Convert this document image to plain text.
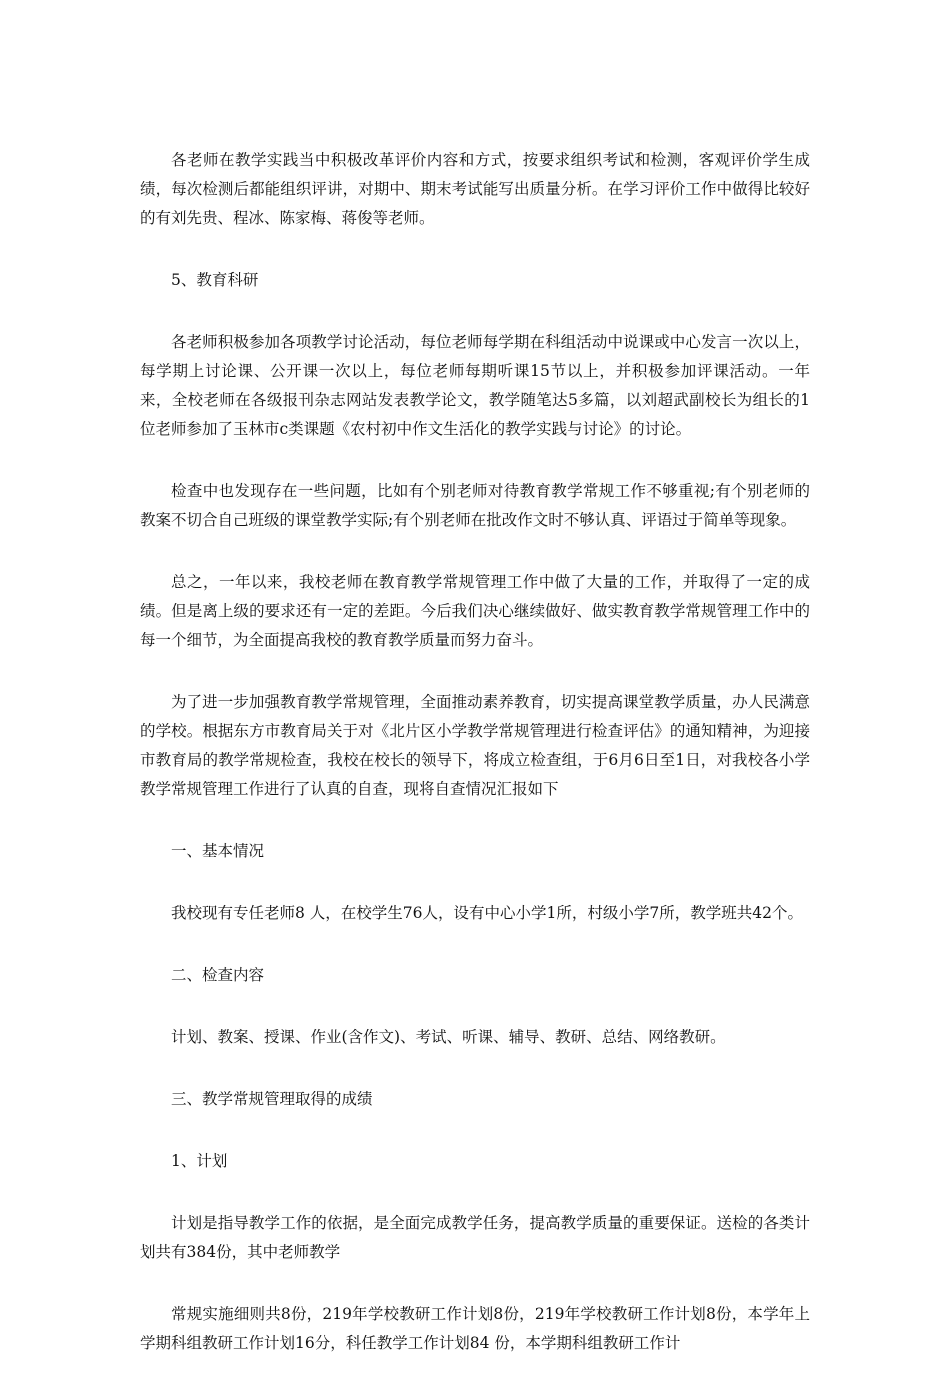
各老师在教学实践当中积极改革评价内容和方式，按要求组织考试和检测，客观评价学生成绩，每次检测后都能组织评讲，对期中、期末考试能写出质量分析。在学习评价工作中做得比较好的有刘先贵、程冰、陈家梅、蒋俊等老师。

5、教育科研

各老师积极参加各项教学讨论活动，每位老师每学期在科组活动中说课或中心发言一次以上，每学期上讨论课、公开课一次以上，每位老师每期听课15节以上，并积极参加评课活动。一年来，全校老师在各级报刊杂志网站发表教学论文，教学随笔达5多篇，以刘超武副校长为组长的1位老师参加了玉林市c类课题《农村初中作文生活化的教学实践与讨论》的讨论。

检查中也发现存在一些问题，比如有个别老师对待教育教学常规工作不够重视;有个别老师的教案不切合自己班级的课堂教学实际;有个别老师在批改作文时不够认真、评语过于简单等现象。

总之，一年以来，我校老师在教育教学常规管理工作中做了大量的工作，并取得了一定的成绩。但是离上级的要求还有一定的差距。今后我们决心继续做好、做实教育教学常规管理工作中的每一个细节，为全面提高我校的教育教学质量而努力奋斗。

为了进一步加强教育教学常规管理，全面推动素养教育，切实提高课堂教学质量，办人民满意的学校。根据东方市教育局关于对《北片区小学教学常规管理进行检查评估》的通知精神，为迎接市教育局的教学常规检查，我校在校长的领导下，将成立检查组，于6月6日至1日，对我校各小学教学常规管理工作进行了认真的自查，现将自查情况汇报如下

一、基本情况

我校现有专任老师8 人，在校学生76人，设有中心小学1所，村级小学7所，教学班共42个。

二、检查内容

计划、教案、授课、作业(含作文)、考试、听课、辅导、教研、总结、网络教研。

三、教学常规管理取得的成绩

1、计划

计划是指导教学工作的依据，是全面完成教学任务，提高教学质量的重要保证。送检的各类计划共有384份，其中老师教学

常规实施细则共8份，219年学校教研工作计划8份，219年学校教研工作计划8份，本学年上学期科组教研工作计划16分，科任教学工作计划84 份，本学期科组教研工作计
